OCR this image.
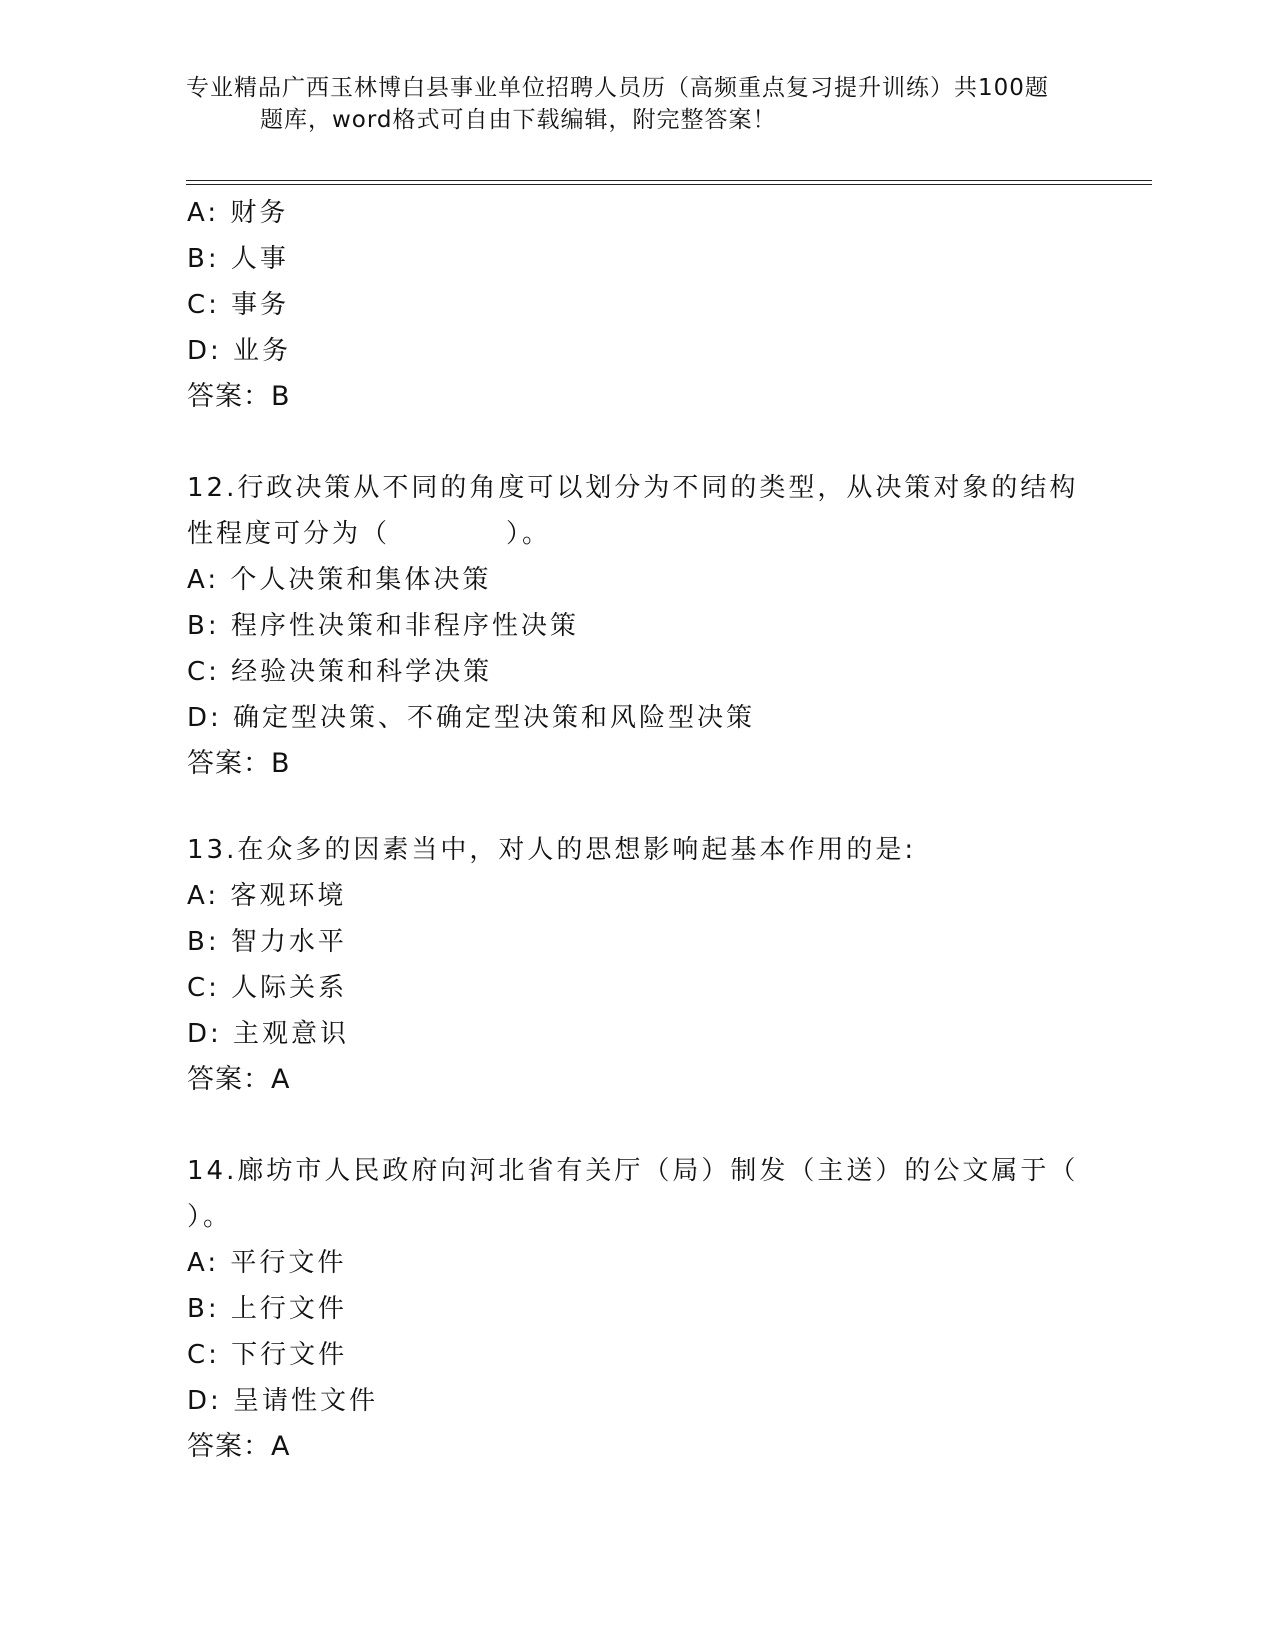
专业精品广西玉林博白县事业单位招聘人员历（高频重点复习提升训练）共100题
题库，word格式可自由下载编辑，附完整答案！
A: 财务
B: 人事
C: 事务
D: 业务
答案：B
12.行政决策从不同的角度可以划分为不同的类型，从决策对象的结构
性程度可分为（　　　　）。
A: 个人决策和集体决策
B: 程序性决策和非程序性决策
C: 经验决策和科学决策
D: 确定型决策、不确定型决策和风险型决策
答案：B
13.在众多的因素当中，对人的思想影响起基本作用的是:
A: 客观环境
B: 智力水平
C: 人际关系
D: 主观意识
答案：A
14.廊坊市人民政府向河北省有关厅（局）制发（主送）的公文属于（
）。
A: 平行文件
B: 上行文件
C: 下行文件
D: 呈请性文件
答案：A
